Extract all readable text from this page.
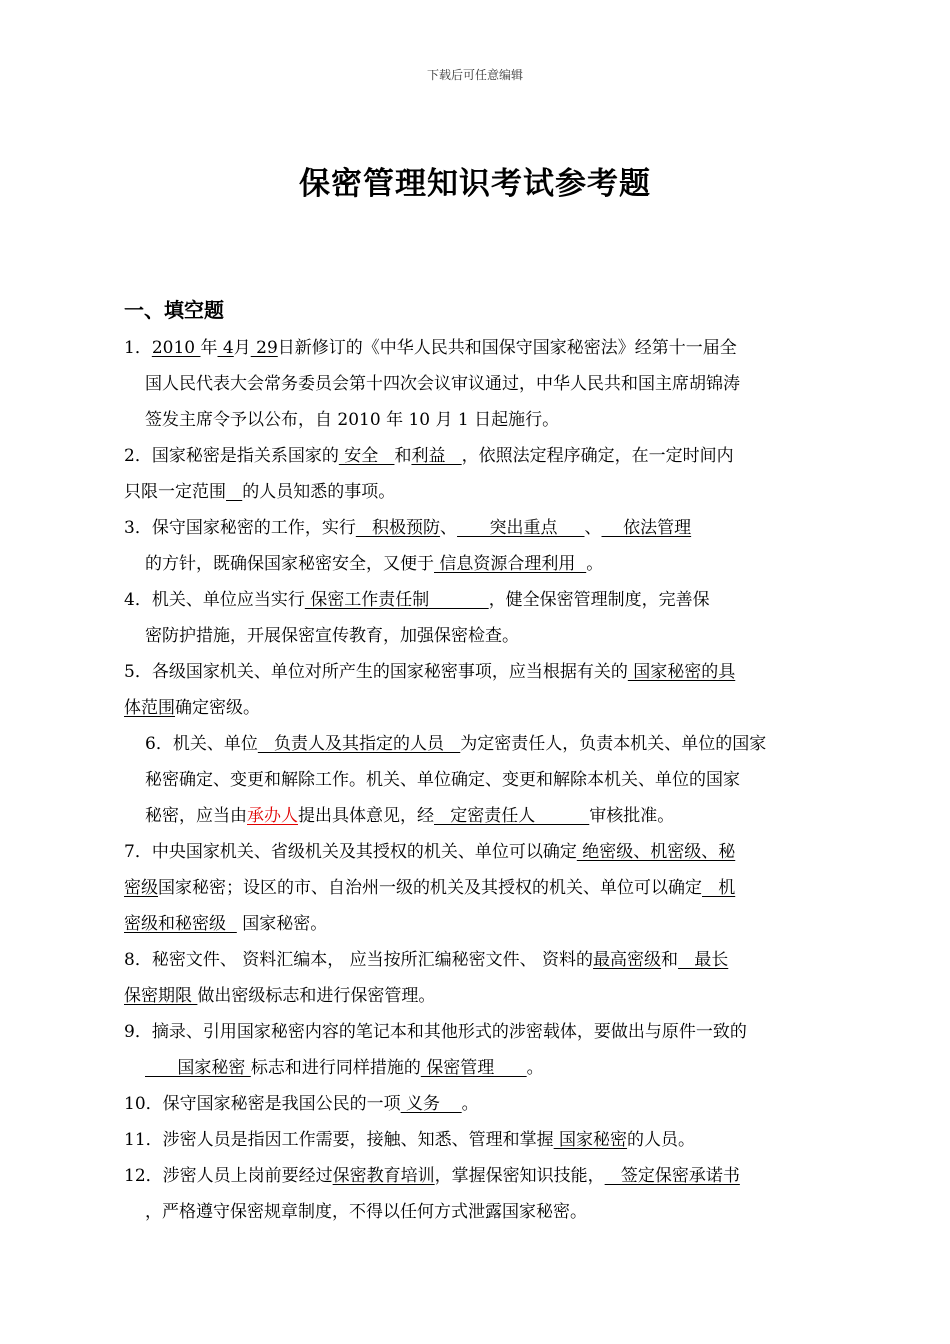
下载后可任意编辑
保密管理知识考试参考题
一、填空题
1．2010 年 4月 29日新修订的《中华人民共和国保守国家秘密法》经第十一届全
国人民代表大会常务委员会第十四次会议审议通过，中华人民共和国主席胡锦涛
签发主席令予以公布，自 2010 年 10 月 1 日起施行。
2．国家秘密是指关系国家的 安全   和利益   ，依照法定程序确定，在一定时间内
只限一定范围 的人员知悉的事项。
3．保守国家秘密的工作，实行   积极预防、      突出重点     、    依法管理
的方针，既确保国家秘密安全，又便于 信息资源合理利用  。
4．机关、单位应当实行 保密工作责任制           ，健全保密管理制度，完善保
密防护措施，开展保密宣传教育，加强保密检查。
5．各级国家机关、单位对所产生的国家秘密事项，应当根据有关的 国家秘密的具
体范围确定密级。
6．机关、单位   负责人及其指定的人员   为定密责任人，负责本机关、单位的国家
秘密确定、变更和解除工作。机关、单位确定、变更和解除本机关、单位的国家
秘密，应当由承办人提出具体意见，经   定密责任人          审核批准。
7．中央国家机关、省级机关及其授权的机关、单位可以确定 绝密级、机密级、秘
密级国家秘密；设区的市、自治州一级的机关及其授权的机关、单位可以确定   机
密级和秘密级   国家秘密。
8．秘密文件、 资料汇编本， 应当按所汇编秘密文件、 资料的最高密级和   最长
保密期限 做出密级标志和进行保密管理。
9．摘录、引用国家秘密内容的笔记本和其他形式的涉密载体，要做出与原件一致的
国家秘密 标志和进行同样措施的 保密管理      。
10．保守国家秘密是我国公民的一项 义务    。
11．涉密人员是指因工作需要，接触、知悉、管理和掌握 国家秘密的人员。
12．涉密人员上岗前要经过保密教育培训，掌握保密知识技能，   签定保密承诺书
，严格遵守保密规章制度，不得以任何方式泄露国家秘密。
